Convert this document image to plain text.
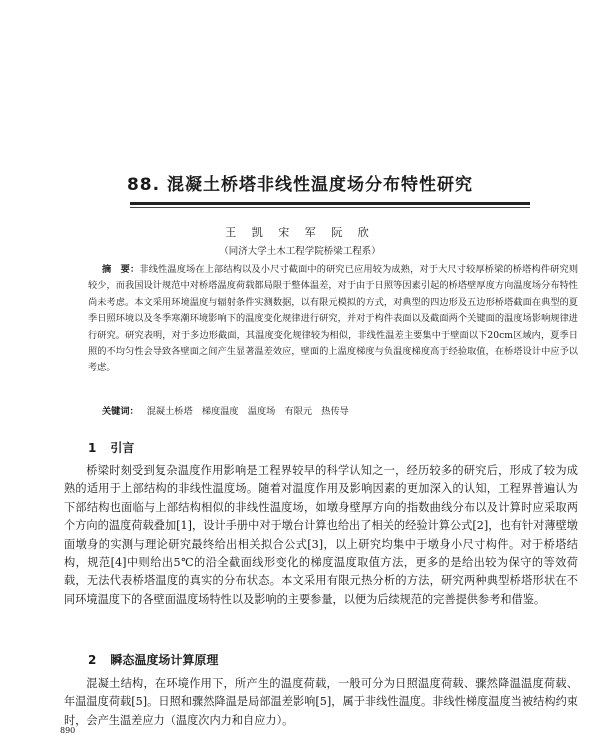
88. 混凝土桥塔非线性温度场分布特性研究
王 凯 宋 军 阮 欣
（同济大学土木工程学院桥梁工程系）
摘　要：非线性温度场在上部结构以及小尺寸截面中的研究已应用较为成熟，对于大尺寸较厚桥梁的桥塔构件研究则较少，而我国设计规范中对桥塔温度荷载都局限于整体温差，对于由于日照等因素引起的桥塔壁厚度方向温度场分布特性尚未考虑。本文采用环境温度与辐射条件实测数据，以有限元模拟的方式，对典型的四边形及五边形桥塔截面在典型的夏季日照环境以及冬季寒潮环境影响下的温度变化规律进行研究，并对于构件表面以及截面两个关键面的温度场影响规律进行研究。研究表明，对于多边形截面，其温度变化规律较为相似，非线性温差主要集中于壁面以下20cm区域内，夏季日照的不均匀性会导致各壁面之间产生显著温差效应，壁面的上温度梯度与负温度梯度高于经验取值，在桥塔设计中应予以考虑。
关键词： 混凝土桥塔　梯度温度　温度场　有限元　热传导
1 引言
桥梁时刻受到复杂温度作用影响是工程界较早的科学认知之一，经历较多的研究后，形成了较为成熟的适用于上部结构的非线性温度场。随着对温度作用及影响因素的更加深入的认知，工程界普遍认为下部结构也面临与上部结构相似的非线性温度场，如墩身壁厚方向的指数曲线分布以及计算时应采取两个方向的温度荷载叠加[1]，设计手册中对于墩台计算也给出了相关的经验计算公式[2]，也有针对薄壁墩面墩身的实测与理论研究最终给出相关拟合公式[3]，以上研究均集中于墩身小尺寸构件。对于桥塔结构，规范[4]中则给出5℃的沿全截面线形变化的梯度温度取值方法，更多的是给出较为保守的等效荷载，无法代表桥塔温度的真实的分布状态。本文采用有限元热分析的方法，研究两种典型桥塔形状在不同环境温度下的各壁面温度场特性以及影响的主要参量，以便为后续规范的完善提供参考和借鉴。
2 瞬态温度场计算原理
混凝土结构，在环境作用下，所产生的温度荷载，一般可分为日照温度荷载、骤然降温温度荷载、年温温度荷载[5]。日照和骤然降温是局部温差影响[5]，属于非线性温度。非线性梯度温度当被结构约束时，会产生温差应力（温度次内力和自应力）。
890
